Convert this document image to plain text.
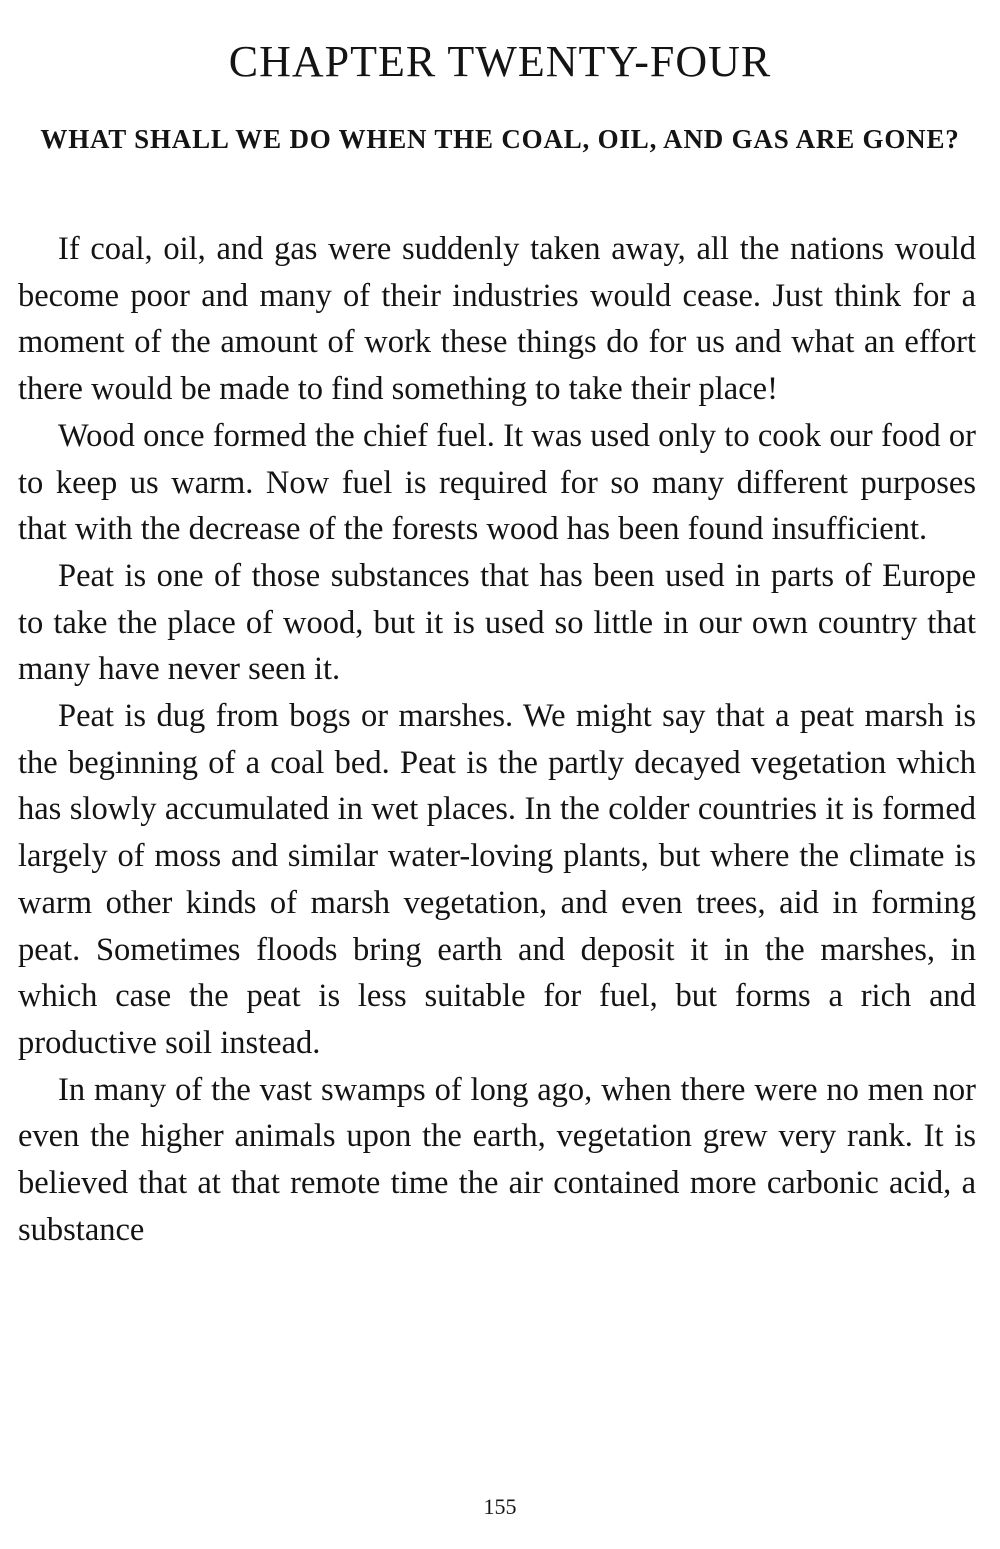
CHAPTER TWENTY-FOUR
WHAT SHALL WE DO WHEN THE COAL, OIL, AND GAS ARE GONE?

If coal, oil, and gas were suddenly taken away, all the nations would become poor and many of their industries would cease. Just think for a moment of the amount of work these things do for us and what an effort there would be made to find something to take their place!

Wood once formed the chief fuel. It was used only to cook our food or to keep us warm. Now fuel is required for so many different purposes that with the decrease of the forests wood has been found insufficient.

Peat is one of those substances that has been used in parts of Europe to take the place of wood, but it is used so little in our own country that many have never seen it.

Peat is dug from bogs or marshes. We might say that a peat marsh is the beginning of a coal bed. Peat is the partly decayed vegetation which has slowly accumulated in wet places. In the colder countries it is formed largely of moss and similar water-loving plants, but where the climate is warm other kinds of marsh vegetation, and even trees, aid in forming peat. Sometimes floods bring earth and deposit it in the marshes, in which case the peat is less suitable for fuel, but forms a rich and productive soil instead.

In many of the vast swamps of long ago, when there were no men nor even the higher animals upon the earth, vegetation grew very rank. It is believed that at that remote time the air contained more carbonic acid, a substance

155
